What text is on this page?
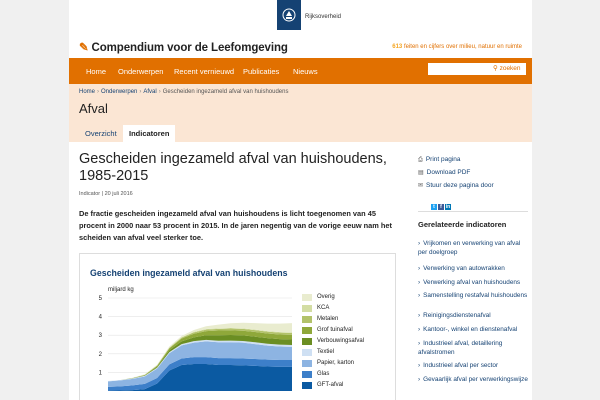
Rijksoverheid
✎ Compendium voor de Leefomgeving	613 feiten en cijfers over milieu, natuur en ruimte
Home Onderwerpen Recent vernieuwd Publicaties Nieuws	⚲ zoeken
Home › Onderwerpen › Afval › Gescheiden ingezameld afval van huishoudens
Afval
Overzicht	Indicatoren
Gescheiden ingezameld afval van huishoudens,
1985-2015
Indicator | 20 juli 2016
De fractie gescheiden ingezameld afval van huishoudens is licht toegenomen van 45 procent in 2000 naar 53 procent in 2015. In de jaren negentig van de vorige eeuw nam het scheiden van afval veel sterker toe.
Gescheiden ingezameld afval van huishoudens
miljard kg
5
4
3
2
1
Overig
KCA
Metalen
Grof tuinafval
Verbouwingsafval
Textiel
Papier, karton
Glas
GFT-afval
⎙ Print pagina
▤ Download PDF
✉ Stuur deze pagina door
t f in
Gerelateerde indicatoren
› Vrijkomen en verwerking van afval per doelgroep
› Verwerking van autowrakken
› Verwerking afval van huishoudens
› Samenstelling restafval huishoudens
› Reinigingsdienstenafval
› Kantoor-, winkel en dienstenafval
› Industrieel afval, detaillering afvalstromen
› Industrieel afval per sector
› Gevaarlijk afval per verwerkingswijze
